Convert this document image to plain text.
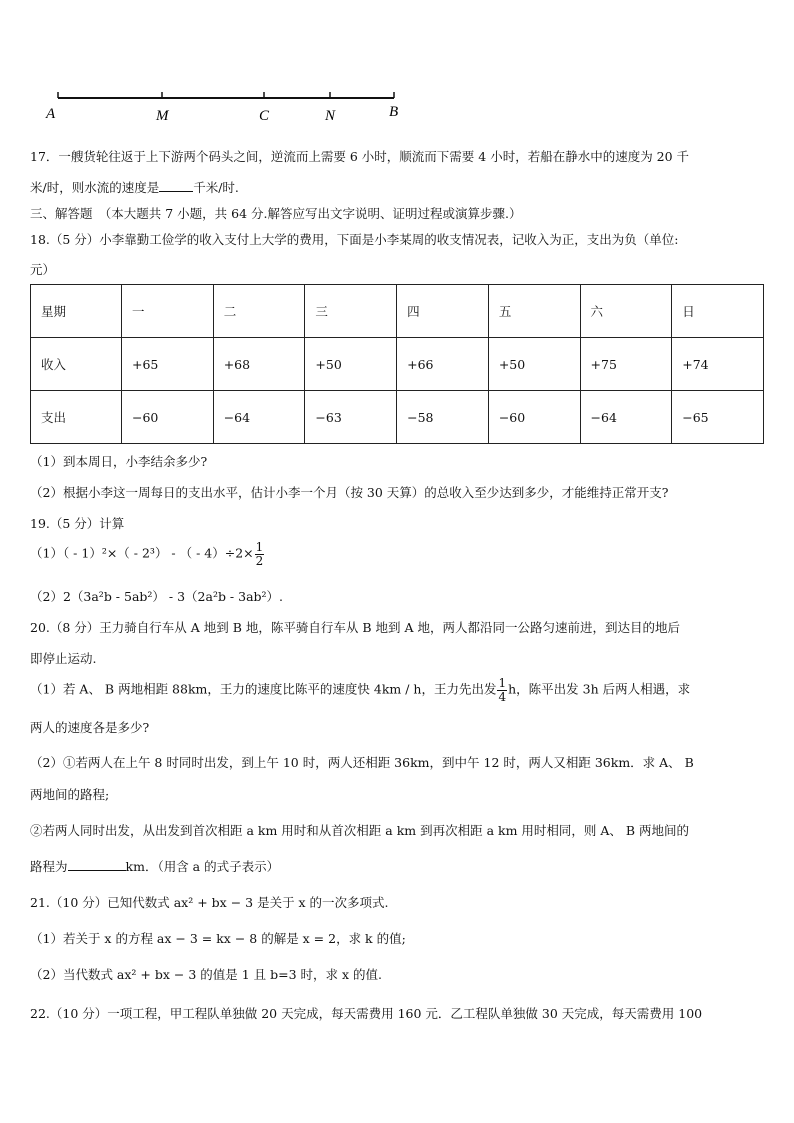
A	M	C	N	B
17．一艘货轮往返于上下游两个码头之间，逆流而上需要 6 小时，顺流而下需要 4 小时，若船在静水中的速度为 20 千
米/时，则水流的速度是	千米/时.
三、解答题　（本大题共 7 小题，共 64 分.解答应写出文字说明、证明过程或演算步骤.）
18.（5 分）小李靠勤工俭学的收入支付上大学的费用，下面是小李某周的收支情况表，记收入为正，支出为负（单位:
元）
星期	一	二	三	四	五	六	日
收入	+65	+68	+50	+66	+50	+75	+74
支出	−60	−64	−63	−58	−60	−64	−65
（1）到本周日，小李结余多少?
（2）根据小李这一周每日的支出水平，估计小李一个月（按 30 天算）的总收入至少达到多少，才能维持正常开支?
19.（5 分）计算
（1）（ - 1）²×（ - 2³） - （ - $4)\div 2\times \frac{1}{2}$
（2）2（3a²b - 5ab²） - 3（2a²b - 3ab²）.
20.（8 分）王力骑自行车从 A 地到 B 地，陈平骑自行车从 B 地到 A 地，两人都沿同一公路匀速前进，到达目的地后
即停止运动.
（1）若 A、 B 两地相距 88km，王力的速度比陈平的速度快 4km / h，王力先出发 $\frac{1}{4}$ h，陈平出发 3h 后两人相遇，求
两人的速度各是多少?
（2）①若两人在上午 8 时同时出发，到上午 10 时，两人还相距 36km，到中午 12 时，两人又相距 36km．求 A、 B
两地间的路程;
②若两人同时出发，从出发到首次相距 a km 用时和从首次相距 a km 到再次相距 a km 用时相同，则 A、 B 两地间的
路程为	km．（用含 a 的式子表示）
21.（10 分）已知代数式 ax² + bx − 3 是关于 x 的一次多项式.
（1）若关于 x 的方程 ax − 3 = kx − 8 的解是 x = 2，求 k 的值;
（2）当代数式 ax² + bx − 3 的值是 1 且 b=3 时，求 x 的值.
22.（10 分）一项工程，甲工程队单独做 20 天完成，每天需费用 160 元．乙工程队单独做 30 天完成，每天需费用 100
